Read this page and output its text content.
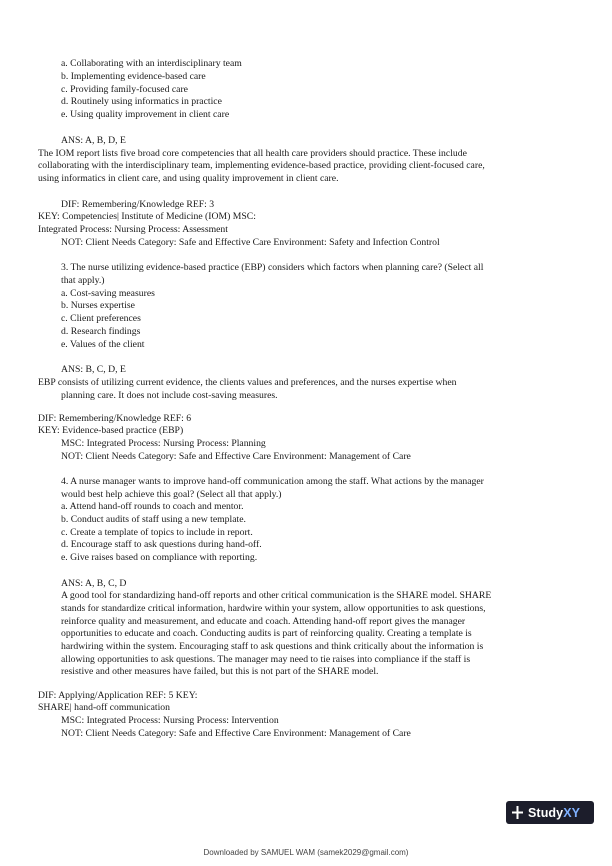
a. Collaborating with an interdisciplinary team

b. Implementing evidence-based care

c. Providing family-focused care

d. Routinely using informatics in practice

e. Using quality improvement in client care

ANS: A, B, D, E

The IOM report lists five broad core competencies that all health care providers should practice. These include

collaborating with the interdisciplinary team, implementing evidence-based practice, providing client-focused care,

using informatics in client care, and using quality improvement in client care.

DIF: Remembering/Knowledge REF: 3

KEY: Competencies| Institute of Medicine (IOM) MSC:

Integrated Process: Nursing Process: Assessment

NOT: Client Needs Category: Safe and Effective Care Environment: Safety and Infection Control

3. The nurse utilizing evidence-based practice (EBP) considers which factors when planning care? (Select all

that apply.)

a. Cost-saving measures

b. Nurses expertise

c. Client preferences

d. Research findings

e. Values of the client

ANS: B, C, D, E

EBP consists of utilizing current evidence, the clients values and preferences, and the nurses expertise when

planning care. It does not include cost-saving measures.

DIF: Remembering/Knowledge REF: 6

KEY: Evidence-based practice (EBP)

MSC: Integrated Process: Nursing Process: Planning

NOT: Client Needs Category: Safe and Effective Care Environment: Management of Care

4. A nurse manager wants to improve hand-off communication among the staff. What actions by the manager

would best help achieve this goal? (Select all that apply.)

a. Attend hand-off rounds to coach and mentor.

b. Conduct audits of staff using a new template.

c. Create a template of topics to include in report.

d. Encourage staff to ask questions during hand-off.

e. Give raises based on compliance with reporting.

ANS: A, B, C, D

A good tool for standardizing hand-off reports and other critical communication is the SHARE model. SHARE

stands for standardize critical information, hardwire within your system, allow opportunities to ask questions,

reinforce quality and measurement, and educate and coach. Attending hand-off report gives the manager

opportunities to educate and coach. Conducting audits is part of reinforcing quality. Creating a template is

hardwiring within the system. Encouraging staff to ask questions and think critically about the information is

allowing opportunities to ask questions. The manager may need to tie raises into compliance if the staff is

resistive and other measures have failed, but this is not part of the SHARE model.

DIF: Applying/Application REF: 5 KEY:

SHARE| hand-off communication

MSC: Integrated Process: Nursing Process: Intervention

NOT: Client Needs Category: Safe and Effective Care Environment: Management of Care

StudyXY
Downloaded by SAMUEL WAM (samek2029@gmail.com)
